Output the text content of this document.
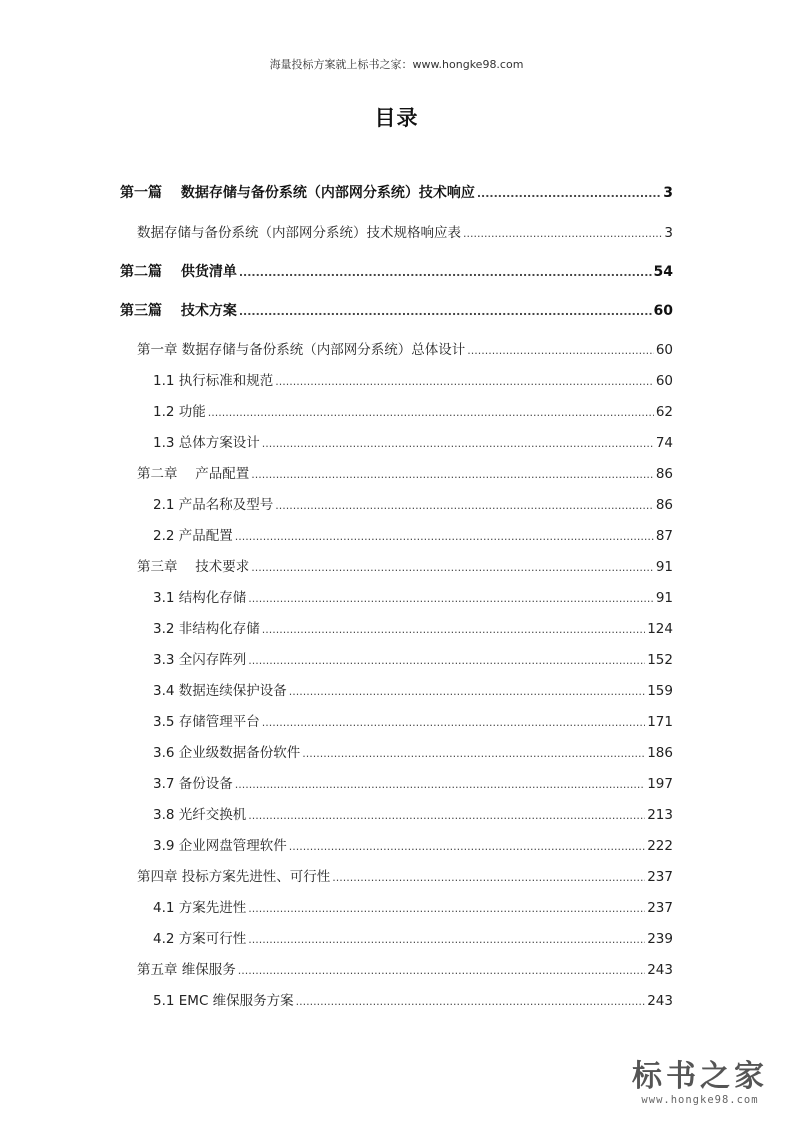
海量投标方案就上标书之家：www.hongke98.com
目录
第一篇　 数据存储与备份系统（内部网分系统）技术响应 .....	3
数据存储与备份系统（内部网分系统）技术规格响应表 .....	3
第二篇　 供货清单 .....	54
第三篇　 技术方案 .....	60
第一章 数据存储与备份系统（内部网分系统）总体设计 .....	60
1.1 执行标准和规范 .....	60
1.2 功能 .....	62
1.3 总体方案设计 .....	74
第二章　 产品配置 .....	86
2.1 产品名称及型号 .....	86
2.2 产品配置 .....	87
第三章　 技术要求 .....	91
3.1 结构化存储 .....	91
3.2 非结构化存储 .....	124
3.3 全闪存阵列 .....	152
3.4 数据连续保护设备 .....	159
3.5 存储管理平台 .....	171
3.6 企业级数据备份软件 .....	186
3.7 备份设备 .....	197
3.8 光纤交换机 .....	213
3.9 企业网盘管理软件 .....	222
第四章 投标方案先进性、可行性 .....	237
4.1 方案先进性 .....	237
4.2 方案可行性 .....	239
第五章 维保服务 .....	243
5.1 EMC 维保服务方案 .....	243
标书之家
www.hongke98.com
